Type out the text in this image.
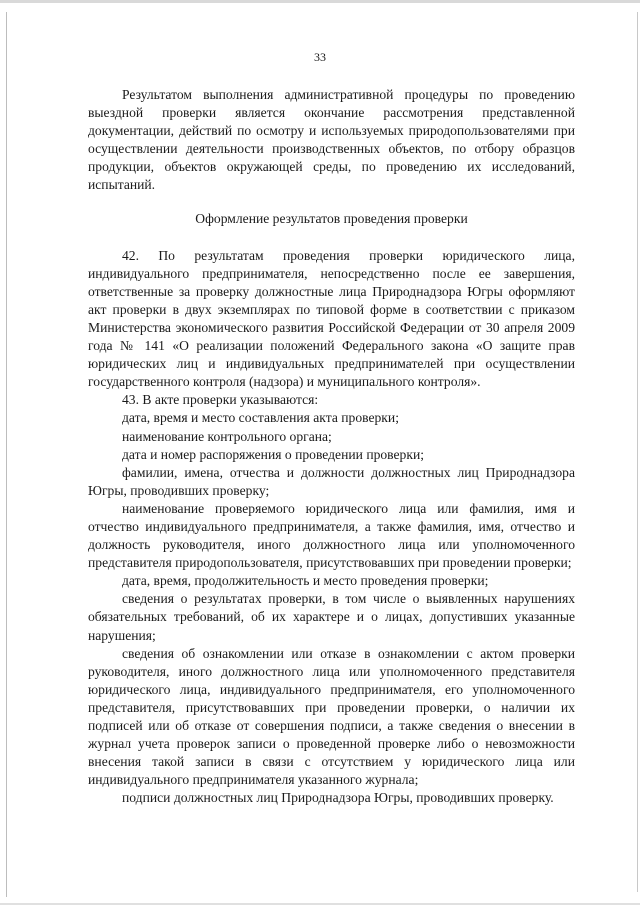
33

Результатом выполнения административной процедуры по проведению выездной проверки является окончание рассмотрения представленной документации, действий по осмотру и используемых природопользователями при осуществлении деятельности производственных объектов, по отбору образцов продукции, объектов окружающей среды, по проведению их исследований, испытаний.

Оформление результатов проведения проверки

42. По результатам проведения проверки юридического лица, индивидуального предпринимателя, непосредственно после ее завершения, ответственные за проверку должностные лица Природнадзора Югры оформляют акт проверки в двух экземплярах по типовой форме в соответствии с приказом Министерства экономического развития Российской Федерации от 30 апреля 2009 года № 141 «О реализации положений Федерального закона «О защите прав юридических лиц и индивидуальных предпринимателей при осуществлении государственного контроля (надзора) и муниципального контроля».

43. В акте проверки указываются:

дата, время и место составления акта проверки;

наименование контрольного органа;

дата и номер распоряжения о проведении проверки;

фамилии, имена, отчества и должности должностных лиц Природнадзора Югры, проводивших проверку;

наименование проверяемого юридического лица или фамилия, имя и отчество индивидуального предпринимателя, а также фамилия, имя, отчество и должность руководителя, иного должностного лица или уполномоченного представителя природопользователя, присутствовавших при проведении проверки;

дата, время, продолжительность и место проведения проверки;

сведения о результатах проверки, в том числе о выявленных нарушениях обязательных требований, об их характере и о лицах, допустивших указанные нарушения;

сведения об ознакомлении или отказе в ознакомлении с актом проверки руководителя, иного должностного лица или уполномоченного представителя юридического лица, индивидуального предпринимателя, его уполномоченного представителя, присутствовавших при проведении проверки, о наличии их подписей или об отказе от совершения подписи, а также сведения о внесении в журнал учета проверок записи о проведенной проверке либо о невозможности внесения такой записи в связи с отсутствием у юридического лица или индивидуального предпринимателя указанного журнала;

подписи должностных лиц Природнадзора Югры, проводивших проверку.
